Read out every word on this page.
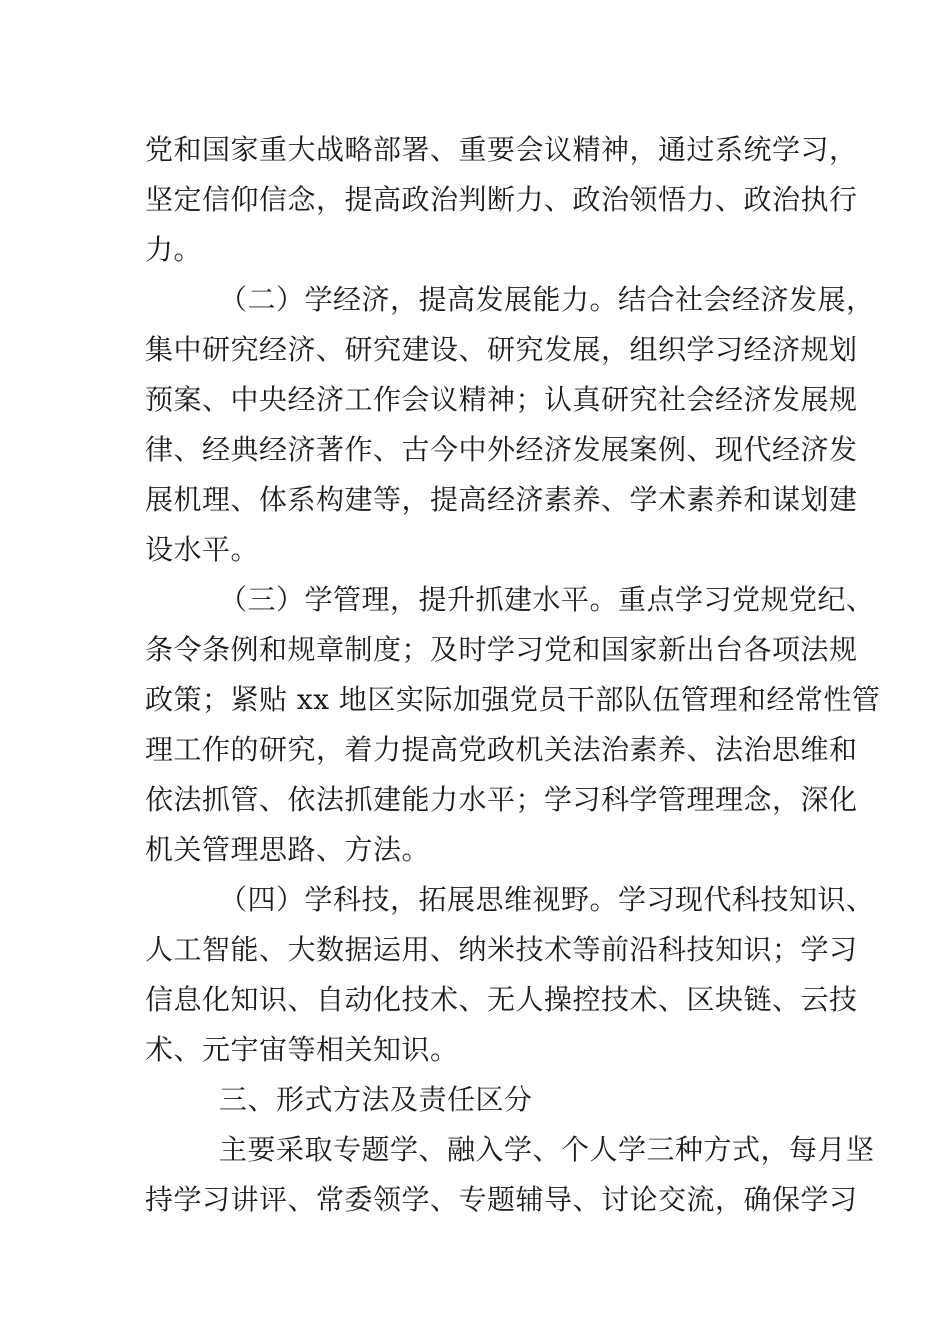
党和国家重大战略部署、重要会议精神，通过系统学习，
坚定信仰信念，提高政治判断力、政治领悟力、政治执行
力。
（二）学经济，提高发展能力。结合社会经济发展，
集中研究经济、研究建设、研究发展，组织学习经济规划
预案、中央经济工作会议精神；认真研究社会经济发展规
律、经典经济著作、古今中外经济发展案例、现代经济发
展机理、体系构建等，提高经济素养、学术素养和谋划建
设水平。
（三）学管理，提升抓建水平。重点学习党规党纪、
条令条例和规章制度；及时学习党和国家新出台各项法规
政策；紧贴 xx 地区实际加强党员干部队伍管理和经常性管
理工作的研究，着力提高党政机关法治素养、法治思维和
依法抓管、依法抓建能力水平；学习科学管理理念，深化
机关管理思路、方法。
（四）学科技，拓展思维视野。学习现代科技知识、
人工智能、大数据运用、纳米技术等前沿科技知识；学习
信息化知识、自动化技术、无人操控技术、区块链、云技
术、元宇宙等相关知识。
三、形式方法及责任区分
主要采取专题学、融入学、个人学三种方式，每月坚
持学习讲评、常委领学、专题辅导、讨论交流，确保学习
